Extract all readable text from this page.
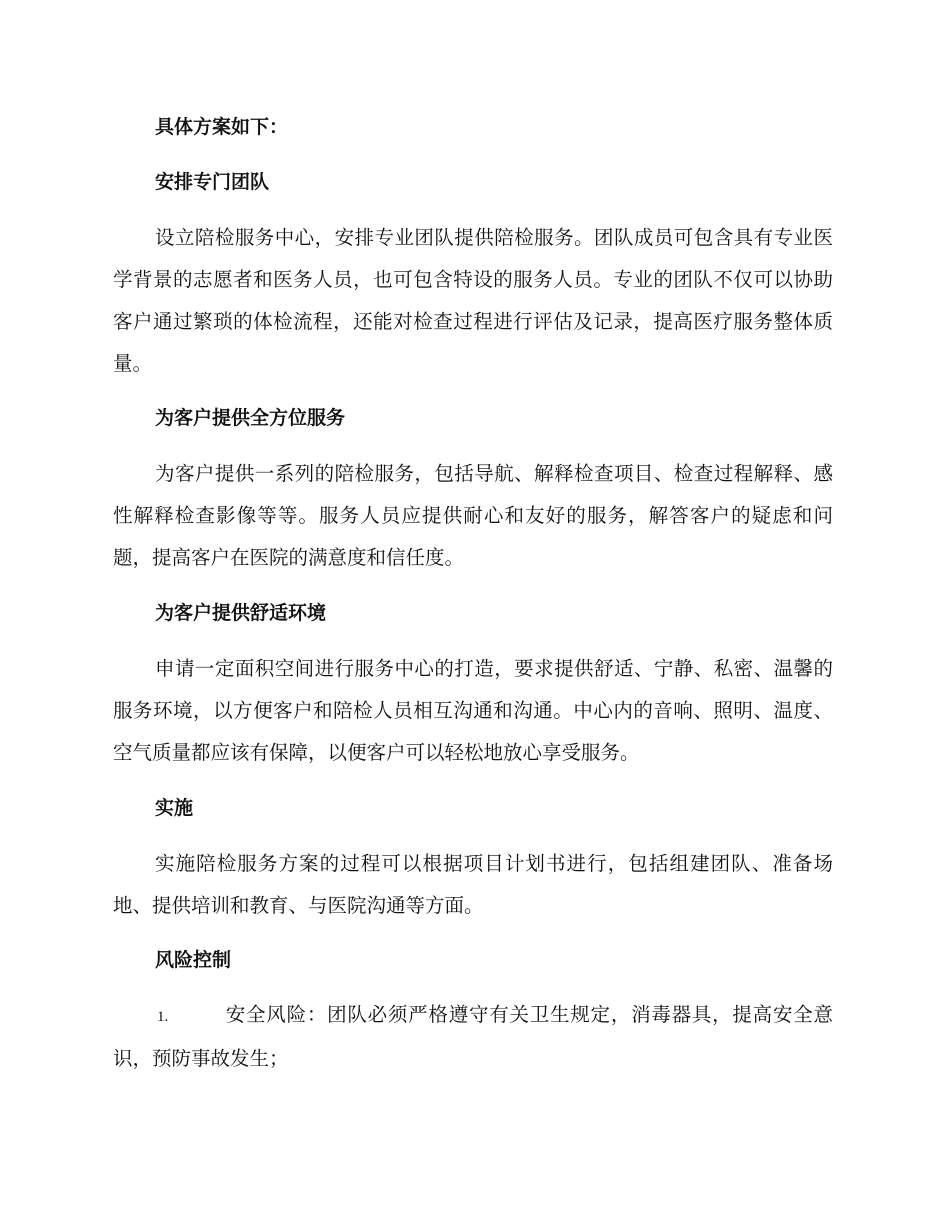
具体方案如下：
安排专门团队
设立陪检服务中心，安排专业团队提供陪检服务。团队成员可包含具有专业医学背景的志愿者和医务人员，也可包含特设的服务人员。专业的团队不仅可以协助客户通过繁琐的体检流程，还能对检查过程进行评估及记录，提高医疗服务整体质量。
为客户提供全方位服务
为客户提供一系列的陪检服务，包括导航、解释检查项目、检查过程解释、感性解释检查影像等等。服务人员应提供耐心和友好的服务，解答客户的疑虑和问题，提高客户在医院的满意度和信任度。
为客户提供舒适环境
申请一定面积空间进行服务中心的打造，要求提供舒适、宁静、私密、温馨的服务环境，以方便客户和陪检人员相互沟通和沟通。中心内的音响、照明、温度、空气质量都应该有保障，以便客户可以轻松地放心享受服务。
实施
实施陪检服务方案的过程可以根据项目计划书进行，包括组建团队、准备场地、提供培训和教育、与医院沟通等方面。
风险控制
1.	安全风险：团队必须严格遵守有关卫生规定，消毒器具，提高安全意识，预防事故发生；
